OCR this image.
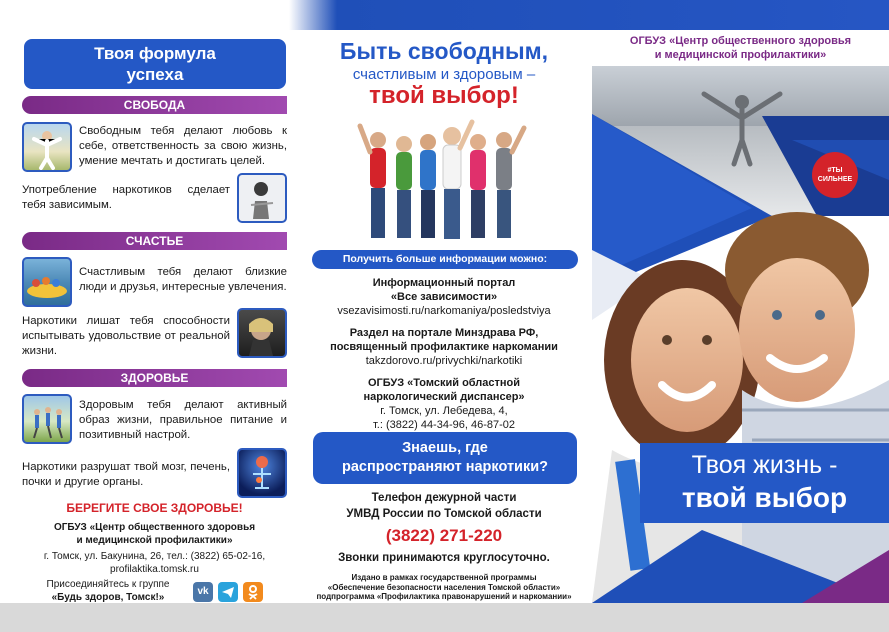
Твоя формула успеха
СВОБОДА
Свободным тебя делают любовь к себе, ответственность за свою жизнь, умение мечтать и достигать целей.
Употребление наркотиков сделает тебя зависимым.
СЧАСТЬЕ
Счастливым тебя делают близкие люди и друзья, интересные увлечения.
Наркотики лишат тебя способности испытывать удовольствие от реальной жизни.
ЗДОРОВЬЕ
Здоровым тебя делают активный образ жизни, правильное питание и позитивный настрой.
Наркотики разрушат твой мозг, печень, почки и другие органы.
БЕРЕГИТЕ СВОЕ ЗДОРОВЬЕ!
ОГБУЗ «Центр общественного здоровья
и медицинской профилактики»
г. Томск, ул. Бакунина, 26, тел.: (3822) 65-02-16,
profilaktika.tomsk.ru
Присоединяйтесь к группе
«Будь здоров, Томск!»
vk
Быть свободным,
счастливым и здоровым –
твой выбор!
Получить больше информации можно:
Информационный портал
«Все зависимости»
vsezavisimosti.ru/narkomaniya/posledstviya
Раздел на портале Минздрава РФ,
посвященный профилактике наркомании
takzdorovo.ru/privychki/narkotiki
ОГБУЗ «Томский областной
наркологический диспансер»
г. Томск, ул. Лебедева, 4,
т.: (3822) 44-34-96, 46-87-02
Знаешь, где
распространяют наркотики?
Телефон дежурной части
УМВД России по Томской области
(3822) 271-220
Звонки принимаются круглосуточно.
Издано в рамках государственной программы
«Обеспечение безопасности населения Томской области»
подпрограмма «Профилактика правонарушений и наркомании»
ОГБУЗ «Центр общественного здоровья
и медицинской профилактики»
#ТЫ
СИЛЬНЕЕ
Твоя жизнь -
твой выбор
